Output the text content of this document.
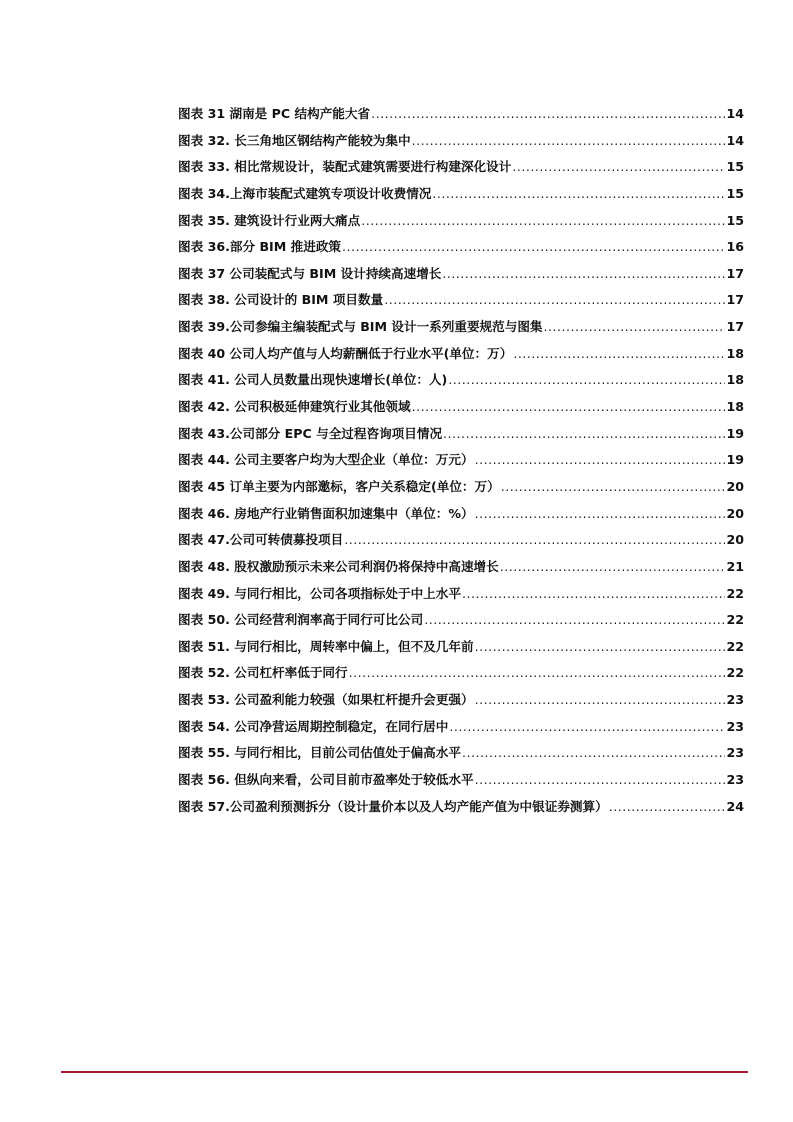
图表 31 湖南是 PC 结构产能大省 .....	14
图表 32. 长三角地区钢结构产能较为集中 .....	14
图表 33. 相比常规设计，装配式建筑需要进行构建深化设计 .....	15
图表 34.上海市装配式建筑专项设计收费情况 .....	15
图表 35. 建筑设计行业两大痛点 .....	15
图表 36.部分 BIM 推进政策 .....	16
图表 37 公司装配式与 BIM 设计持续高速增长 .....	17
图表 38. 公司设计的 BIM 项目数量 .....	17
图表 39.公司参编主编装配式与 BIM 设计一系列重要规范与图集 .....	17
图表 40 公司人均产值与人均薪酬低于行业水平(单位：万） .....	18
图表 41. 公司人员数量出现快速增长(单位：人) .....	18
图表 42. 公司积极延伸建筑行业其他领域 .....	18
图表 43.公司部分 EPC 与全过程咨询项目情况 .....	19
图表 44. 公司主要客户均为大型企业（单位：万元） .....	19
图表 45 订单主要为内部邀标，客户关系稳定(单位：万） .....	20
图表 46. 房地产行业销售面积加速集中（单位：%） .....	20
图表 47.公司可转债募投项目 .....	20
图表 48. 股权激励预示未来公司利润仍将保持中高速增长 .....	21
图表 49. 与同行相比，公司各项指标处于中上水平 .....	22
图表 50. 公司经营利润率高于同行可比公司 .....	22
图表 51. 与同行相比，周转率中偏上，但不及几年前 .....	22
图表 52. 公司杠杆率低于同行 .....	22
图表 53. 公司盈利能力较强（如果杠杆提升会更强） .....	23
图表 54. 公司净营运周期控制稳定，在同行居中 .....	23
图表 55. 与同行相比，目前公司估值处于偏高水平 .....	23
图表 56. 但纵向来看，公司目前市盈率处于较低水平 .....	23
图表 57.公司盈利预测拆分（设计量价本以及人均产能产值为中银证券测算） .....	24
